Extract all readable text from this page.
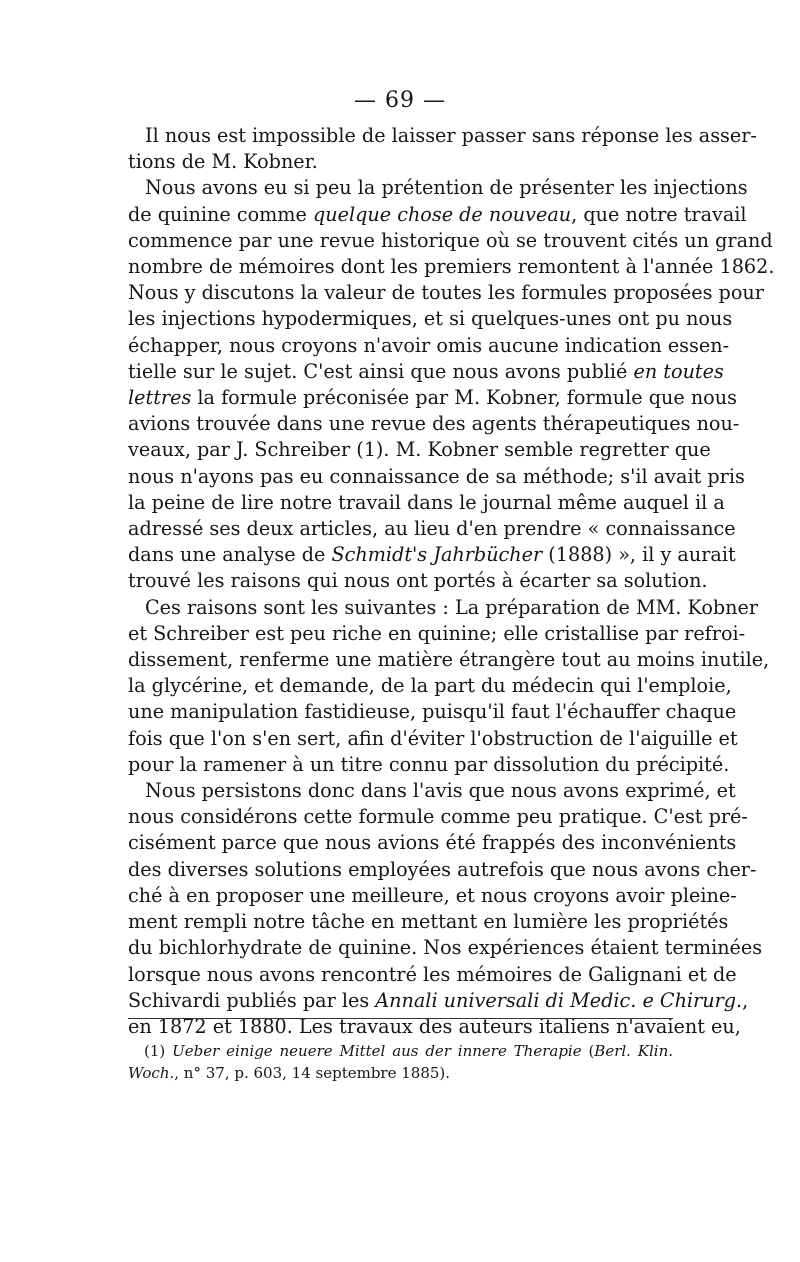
— 69 —

Il nous est impossible de laisser passer sans réponse les asser-
tions de M. Kobner.

Nous avons eu si peu la prétention de présenter les injections
de quinine comme quelque chose de nouveau, que notre travail
commence par une revue historique où se trouvent cités un grand
nombre de mémoires dont les premiers remontent à l'année 1862.
Nous y discutons la valeur de toutes les formules proposées pour
les injections hypodermiques, et si quelques-unes ont pu nous
échapper, nous croyons n'avoir omis aucune indication essen-
tielle sur le sujet. C'est ainsi que nous avons publié en toutes
lettres la formule préconisée par M. Kobner, formule que nous
avions trouvée dans une revue des agents thérapeutiques nou-
veaux, par J. Schreiber (1). M. Kobner semble regretter que
nous n'ayons pas eu connaissance de sa méthode; s'il avait pris
la peine de lire notre travail dans le journal même auquel il a
adressé ses deux articles, au lieu d'en prendre « connaissance
dans une analyse de Schmidt's Jahrbücher (1888) », il y aurait
trouvé les raisons qui nous ont portés à écarter sa solution.

Ces raisons sont les suivantes : La préparation de MM. Kobner
et Schreiber est peu riche en quinine; elle cristallise par refroi-
dissement, renferme une matière étrangère tout au moins inutile,
la glycérine, et demande, de la part du médecin qui l'emploie,
une manipulation fastidieuse, puisqu'il faut l'échauffer chaque
fois que l'on s'en sert, afin d'éviter l'obstruction de l'aiguille et
pour la ramener à un titre connu par dissolution du précipité.

Nous persistons donc dans l'avis que nous avons exprimé, et
nous considérons cette formule comme peu pratique. C'est pré-
cisément parce que nous avions été frappés des inconvénients
des diverses solutions employées autrefois que nous avons cher-
ché à en proposer une meilleure, et nous croyons avoir pleine-
ment rempli notre tâche en mettant en lumière les propriétés
du bichlorhydrate de quinine. Nos expériences étaient terminées
lorsque nous avons rencontré les mémoires de Galignani et de
Schivardi publiés par les Annali universali di Medic. e Chirurg.,
en 1872 et 1880. Les travaux des auteurs italiens n'avaient eu,

(1) Ueber einige neuere Mittel aus der innere Therapie (Berl. Klin.
Woch., n° 37, p. 603, 14 septembre 1885).
